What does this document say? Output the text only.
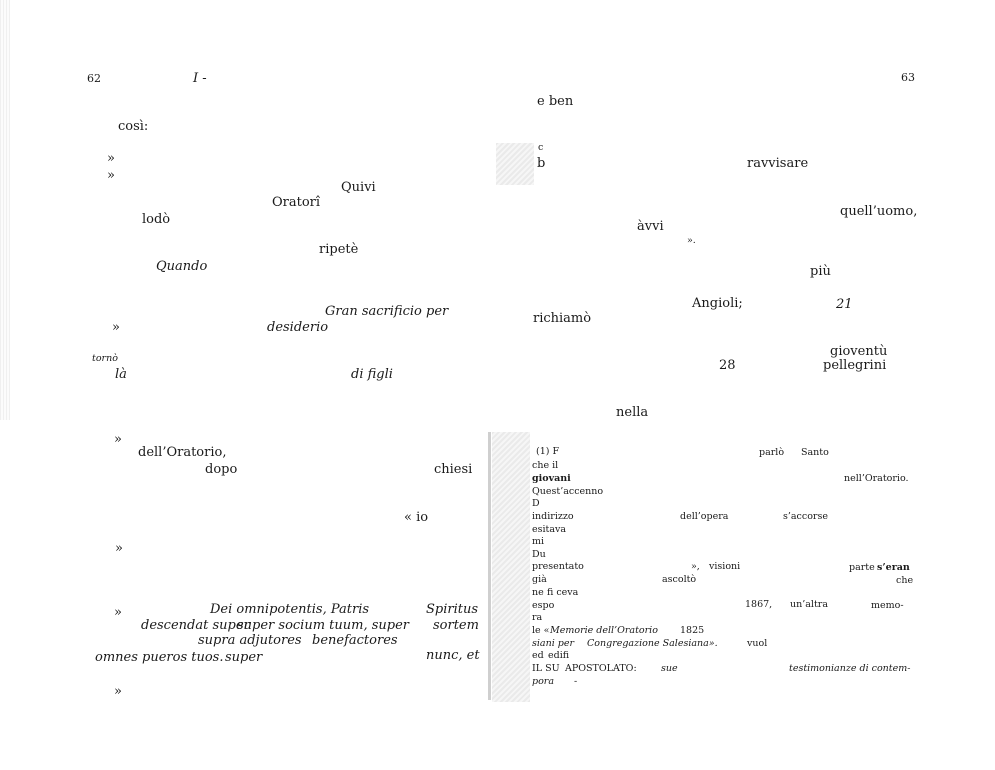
62	I -
così:
»
»
Quivi
Oratorî
lodò
ripetè
Quando
Gran sacrificio per
»	desiderio
tornò
là	di figli
»
dell’Oratorio,
dopo	chiesi
« io
»
»	Dei omnipotentis, Patris	Spiritus
descendat super
super socium tuum, super sortem
supra adjutores benefactores
omnes pueros tuos. super	nunc, et
»
63
e ben
c
b	ravvisare
quell’uomo,
àvvi
».
più
Angioli;	21
richiamò
gioventù
28	pellegrini
nella
(1) F	parlò Santo
che il
giovani	nell’Oratorio.
Quest’accenno
D
indirizzo	dell’opera	s’accorse
esitava
mi
Du
presentato	», visioni	parte s’eran
già	ascoltò	che
ne fi ceva
espo	1867, un’altra	memo-
ra
le « Memorie dell’Oratorio 1825
siani per Congregazione Salesiana».	vuol
ed edifi
IL SU APOSTOLATO:	sue	testimonianze di contem-
pora -
